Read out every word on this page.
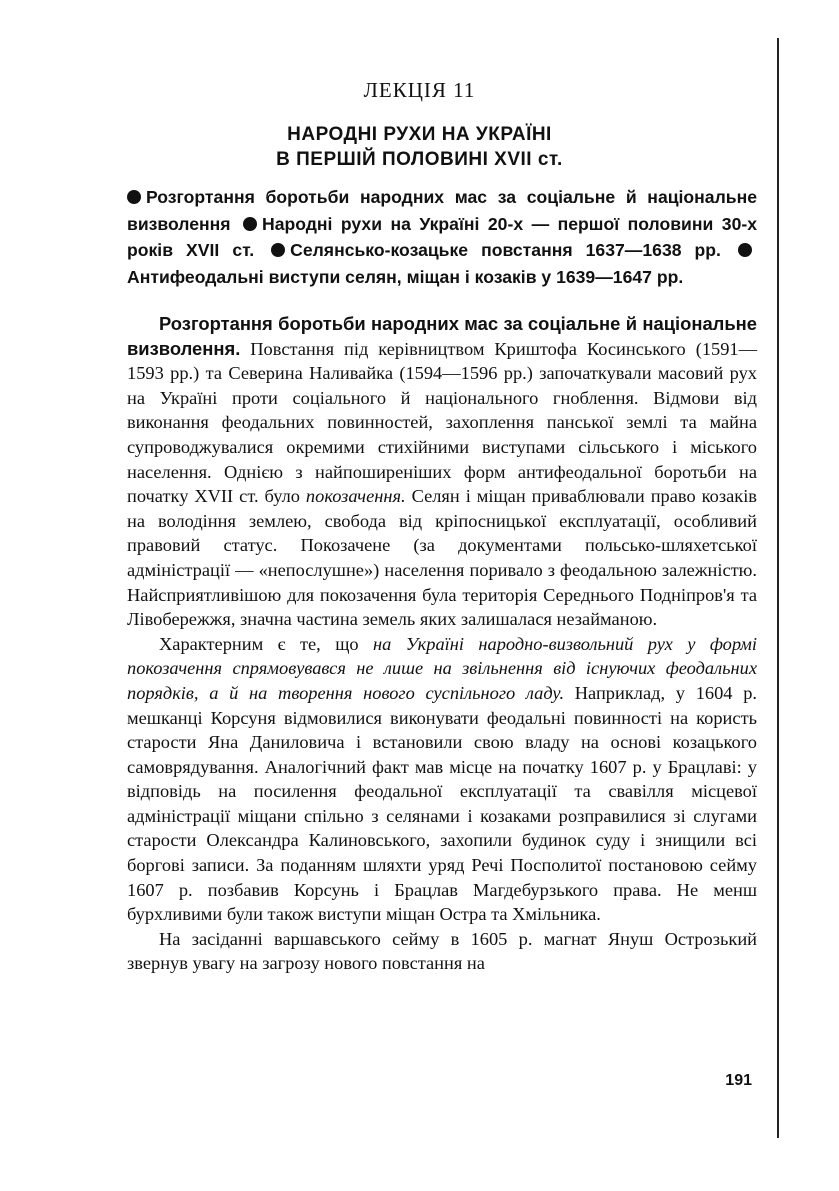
ЛЕКЦІЯ 11
НАРОДНІ РУХИ НА УКРАЇНІ
В ПЕРШІЙ ПОЛОВИНІ XVII ст.
Розгортання боротьби народних мас за соціальне й національне визволення Народні рухи на Україні 20-х — першої половини 30-х років XVII ст. Селянсько-козацьке повстання 1637—1638 рр. Антифеодальні виступи селян, міщан і козаків у 1639—1647 рр.

Розгортання боротьби народних мас за соціальне й національне визволення. Повстання під керівництвом Криштофа Косинського (1591—1593 рр.) та Северина Наливайка (1594—1596 рр.) започаткували масовий рух на Україні проти соціального й національного гноблення. Відмови від виконання феодальних повинностей, захоплення панської землі та майна супроводжувалися окремими стихійними виступами сільського і міського населення. Однією з найпоширеніших форм антифеодальної боротьби на початку XVII ст. було покозачення. Селян і міщан приваблювали право козаків на володіння землею, свобода від кріпосницької експлуатації, особливий правовий статус. Покозачене (за документами польсько-шляхетської адміністрації — «непослушне») населення поривало з феодальною залежністю. Найсприятливішою для покозачення була територія Середнього Подніпров'я та Лівобережжя, значна частина земель яких залишалася незайманою.

Характерним є те, що на Україні народно-визвольний рух у формі покозачення спрямовувався не лише на звільнення від існуючих феодальних порядків, а й на творення нового суспільного ладу. Наприклад, у 1604 р. мешканці Корсуня відмовилися виконувати феодальні повинності на користь старости Яна Даниловича і встановили свою владу на основі козацького самоврядування. Аналогічний факт мав місце на початку 1607 р. у Брацлаві: у відповідь на посилення феодальної експлуатації та свавілля місцевої адміністрації міщани спільно з селянами і козаками розправилися зі слугами старости Олександра Калиновського, захопили будинок суду і знищили всі боргові записи. За поданням шляхти уряд Речі Посполитої постановою сейму 1607 р. позбавив Корсунь і Брацлав Магдебурзького права. Не менш бурхливими були також виступи міщан Остра та Хмільника.

На засіданні варшавського сейму в 1605 р. магнат Януш Острозький звернув увагу на загрозу нового повстання на

191
